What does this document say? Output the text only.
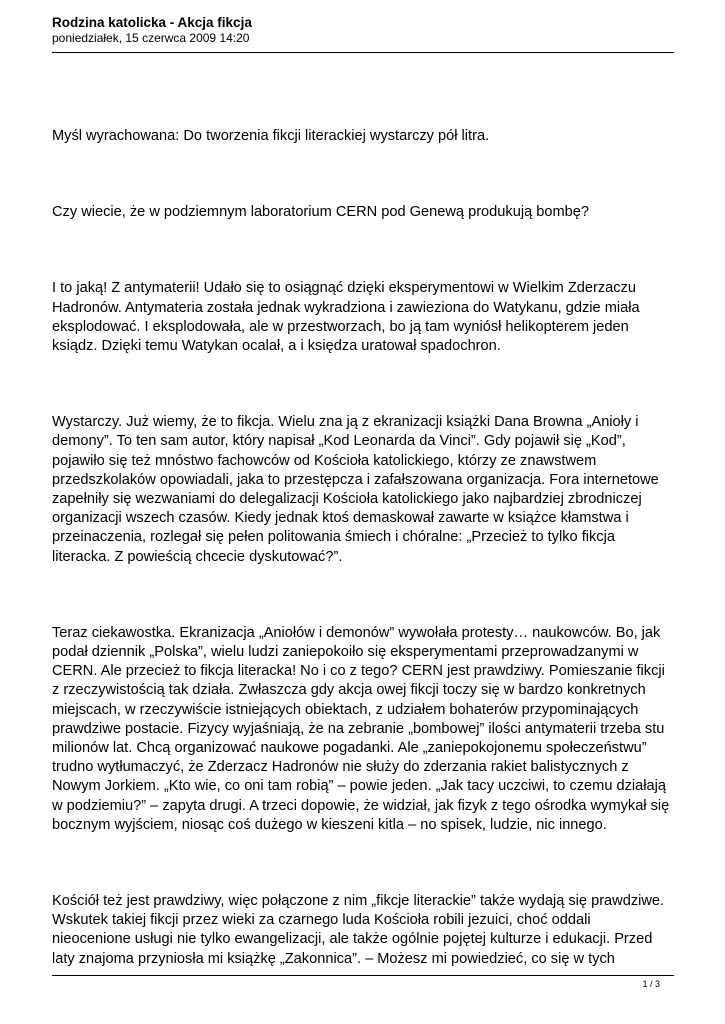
Rodzina katolicka - Akcja fikcja
poniedziałek, 15 czerwca 2009 14:20

Myśl wyrachowana: Do tworzenia fikcji literackiej wystarczy pół litra.

Czy wiecie, że w podziemnym laboratorium CERN pod Genewą produkują bombę?

I to jaką! Z antymaterii! Udało się to osiągnąć dzięki eksperymentowi w Wielkim Zderzaczu
Hadronów. Antymateria została jednak wykradziona i zawieziona do Watykanu, gdzie miała
eksplodować. I eksplodowała, ale w przestworzach, bo ją tam wyniósł helikopterem jeden
ksiądz. Dzięki temu Watykan ocalał, a i księdza uratował spadochron.

Wystarczy. Już wiemy, że to fikcja. Wielu zna ją z ekranizacji książki Dana Browna „Anioły i
demony”. To ten sam autor, który napisał „Kod Leonarda da Vinci”. Gdy pojawił się „Kod”,
pojawiło się też mnóstwo fachowców od Kościoła katolickiego, którzy ze znawstwem
przedszkolaków opowiadali, jaka to przestępcza i zafałszowana organizacja. Fora internetowe
zapełniły się wezwaniami do delegalizacji Kościoła katolickiego jako najbardziej zbrodniczej
organizacji wszech czasów. Kiedy jednak ktoś demaskował zawarte w książce kłamstwa i
przeinaczenia, rozlegał się pełen politowania śmiech i chóralne: „Przecież to tylko fikcja
literacka. Z powieścią chcecie dyskutować?”.

Teraz ciekawostka. Ekranizacja „Aniołów i demonów” wywołała protesty… naukowców. Bo, jak
podał dziennik „Polska”, wielu ludzi zaniepokoiło się eksperymentami przeprowadzanymi w
CERN. Ale przecież to fikcja literacka! No i co z tego? CERN jest prawdziwy. Pomieszanie fikcji
z rzeczywistością tak działa. Zwłaszcza gdy akcja owej fikcji toczy się w bardzo konkretnych
miejscach, w rzeczywiście istniejących obiektach, z udziałem bohaterów przypominających
prawdziwe postacie. Fizycy wyjaśniają, że na zebranie „bombowej” ilości antymaterii trzeba stu
milionów lat. Chcą organizować naukowe pogadanki. Ale „zaniepokojonemu społeczeństwu”
trudno wytłumaczyć, że Zderzacz Hadronów nie służy do zderzania rakiet balistycznych z
Nowym Jorkiem. „Kto wie, co oni tam robią” – powie jeden. „Jak tacy uczciwi, to czemu działają
w podziemiu?” – zapyta drugi. A trzeci dopowie, że widział, jak fizyk z tego ośrodka wymykał się
bocznym wyjściem, niosąc coś dużego w kieszeni kitla – no spisek, ludzie, nic innego.

Kościół też jest prawdziwy, więc połączone z nim „fikcje literackie” także wydają się prawdziwe.
Wskutek takiej fikcji przez wieki za czarnego luda Kościoła robili jezuici, choć oddali
nieocenione usługi nie tylko ewangelizacji, ale także ogólnie pojętej kulturze i edukacji. Przed
laty znajoma przyniosła mi książkę „Zakonnica”. – Możesz mi powiedzieć, co się w tych

1 / 3
